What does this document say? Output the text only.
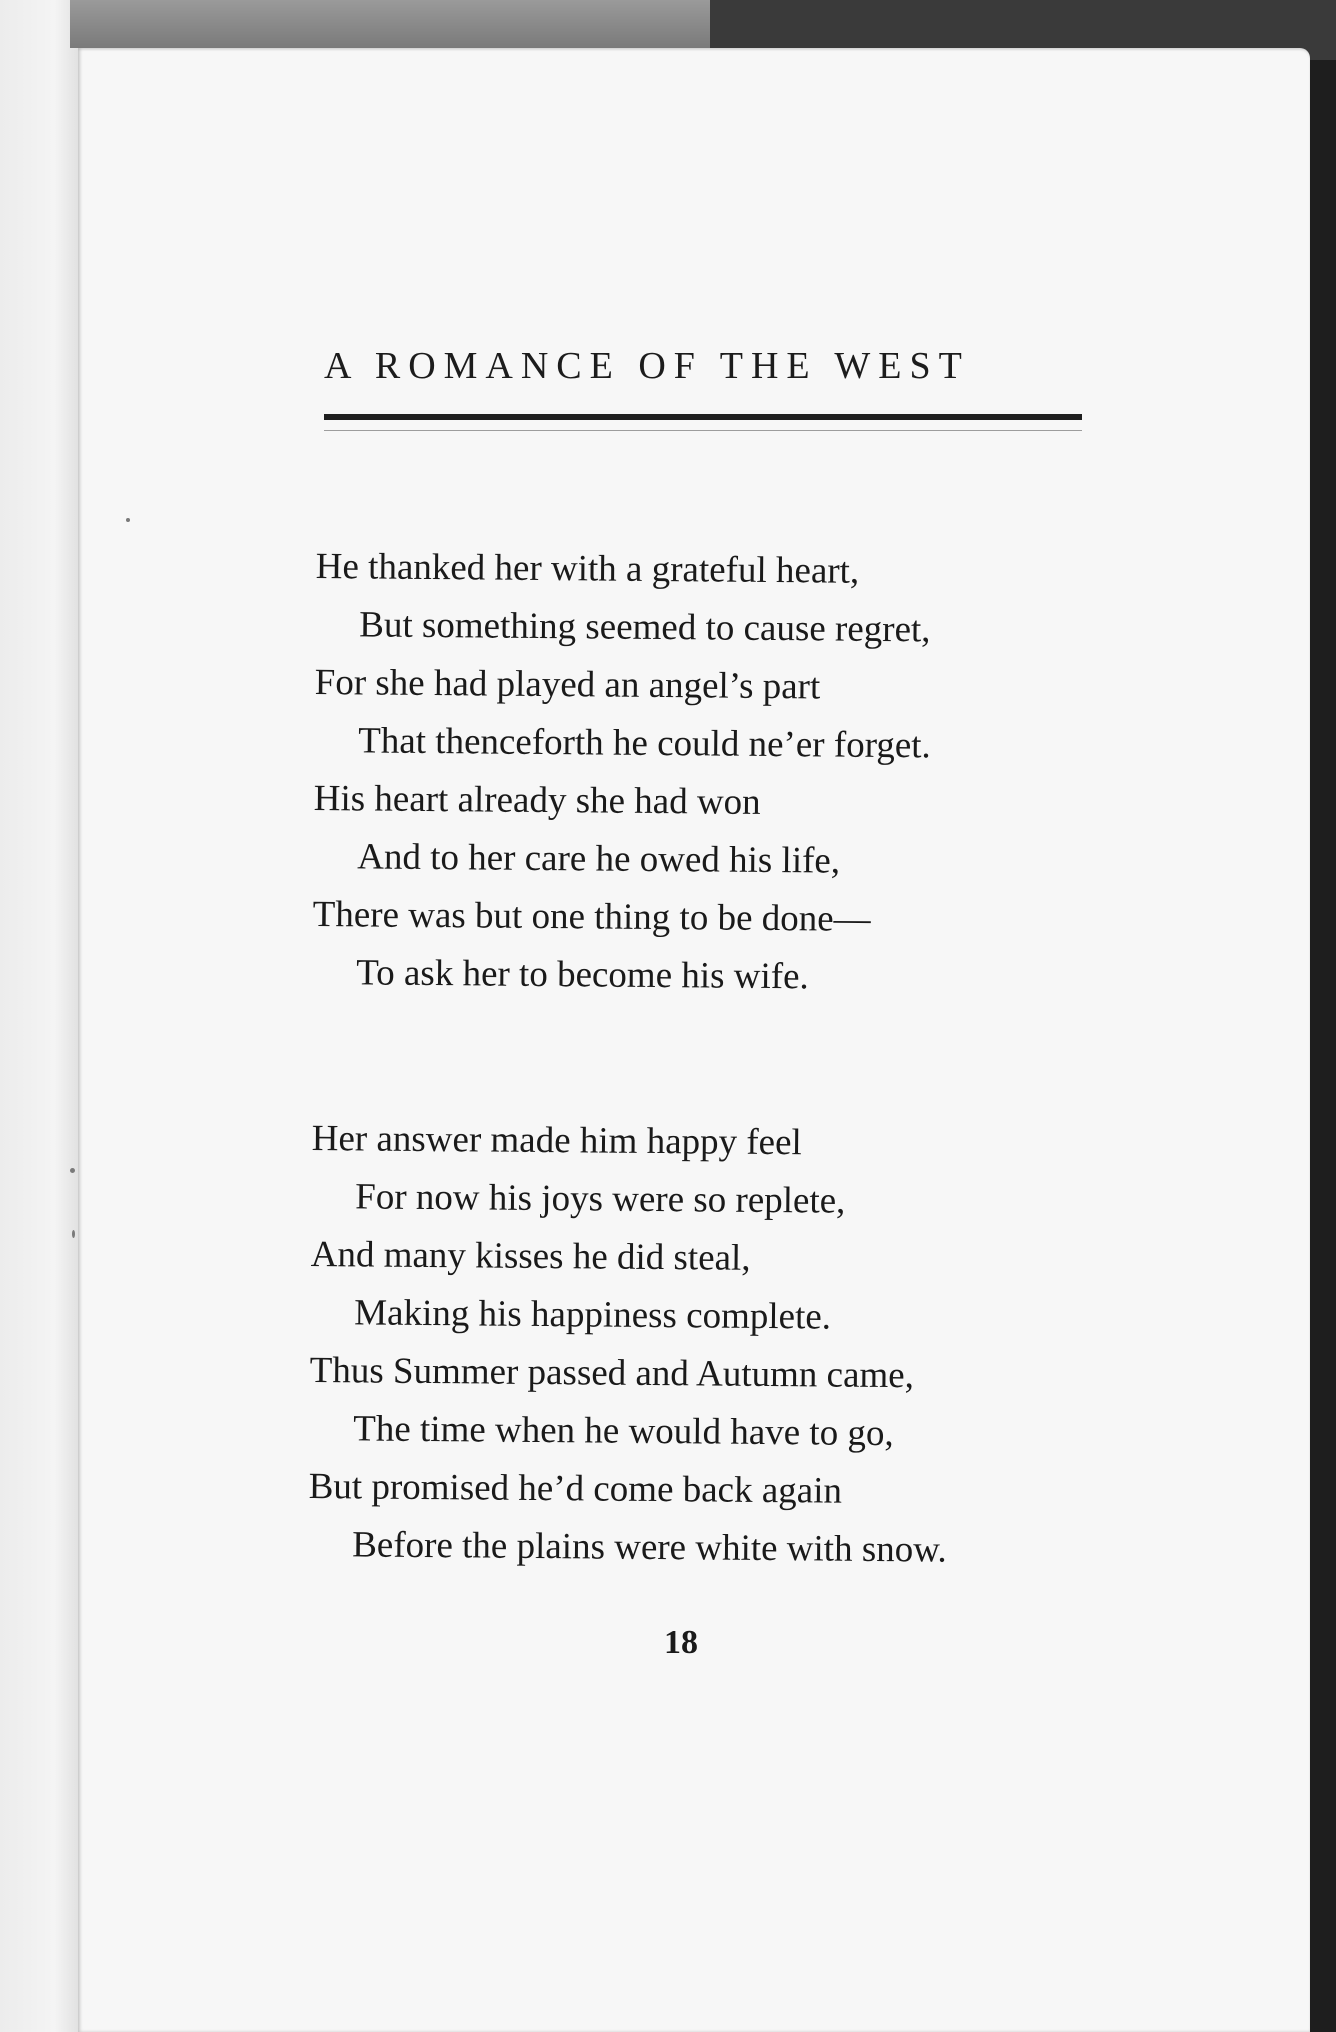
A ROMANCE OF THE WEST
He thanked her with a grateful heart,
But something seemed to cause regret,
For she had played an angel’s part
That thenceforth he could ne’er forget.
His heart already she had won
And to her care he owed his life,
There was but one thing to be done—
To ask her to become his wife.
Her answer made him happy feel
For now his joys were so replete,
And many kisses he did steal,
Making his happiness complete.
Thus Summer passed and Autumn came,
The time when he would have to go,
But promised he’d come back again
Before the plains were white with snow.
18
